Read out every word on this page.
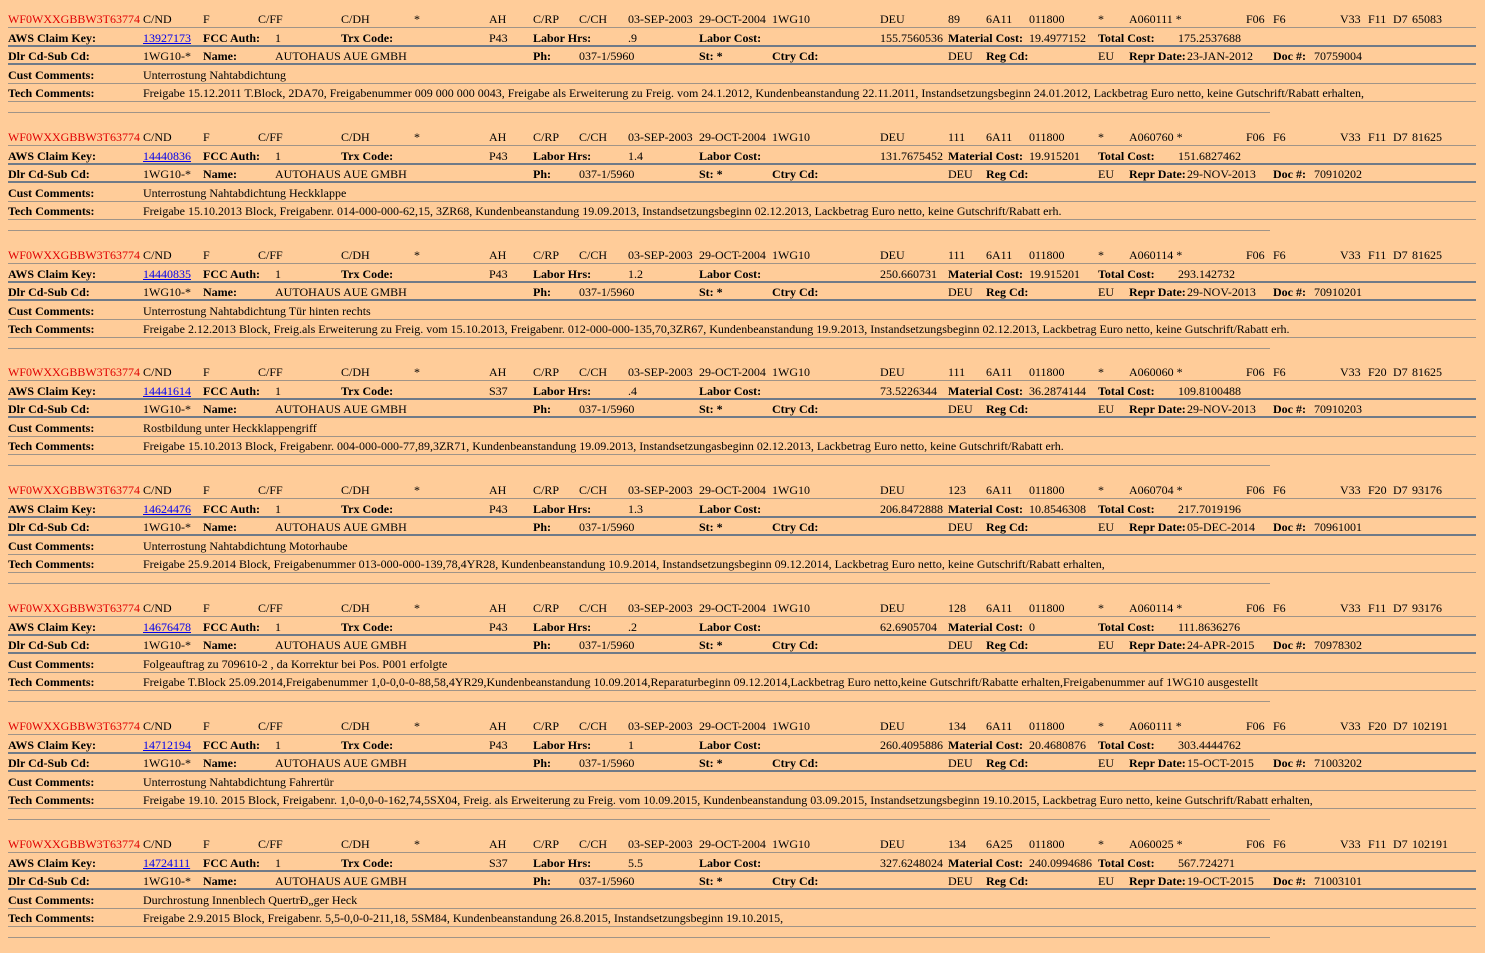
WF0WXXGBBW3T63774 C/ND	F	C/FF	C/DH	*	AH C/RP C/CH 03-SEP-2003 29-OCT-2004 1WG10	DEU	89 6A11 011800	* A060111 *	F06 F6	V33 F11 D7 65083
AWS Claim Key:	13927173 FCC Auth: 1	Trx Code:	P43 Labor Hrs:	.9	Labor Cost:	155.7560536 Material Cost: 19.4977152 Total Cost: 175.2537688
Dlr Cd-Sub Cd:	1WG10-* Name:	AUTOHAUS AUE GMBH	Ph: 037-1/5960	St: *	Ctry Cd:	DEU Reg Cd:	EU Repr Date: 23-JAN-2012 Doc #: 70759004
Cust Comments:	Unterrostung Nahtabdichtung
Tech Comments:	Freigabe 15.12.2011 T.Block, 2DA70, Freigabenummer 009 000 000 0043, Freigabe als Erweiterung zu Freig. vom 24.1.2012, Kundenbeanstandung 22.11.2011, Instandsetzungsbeginn 24.01.2012, Lackbetrag Euro netto, keine Gutschrift/Rabatt erhalten,
WF0WXXGBBW3T63774 C/ND	F	C/FF	C/DH	*	AH C/RP C/CH 03-SEP-2003 29-OCT-2004 1WG10	DEU	111 6A11 011800	* A060760 *	F06 F6	V33 F11 D7 81625
AWS Claim Key:	14440836 FCC Auth: 1	Trx Code:	P43 Labor Hrs:	1.4	Labor Cost:	131.7675452 Material Cost: 19.915201 Total Cost: 151.6827462
Dlr Cd-Sub Cd:	1WG10-* Name:	AUTOHAUS AUE GMBH	Ph: 037-1/5960	St: *	Ctry Cd:	DEU Reg Cd:	EU Repr Date: 29-NOV-2013 Doc #: 70910202
Cust Comments:	Unterrostung Nahtabdichtung Heckklappe
Tech Comments:	Freigabe 15.10.2013 Block, Freigabenr. 014-000-000-62,15, 3ZR68, Kundenbeanstandung 19.09.2013, Instandsetzungsbeginn 02.12.2013, Lackbetrag Euro netto, keine Gutschrift/Rabatt erh.
WF0WXXGBBW3T63774 C/ND	F	C/FF	C/DH	*	AH C/RP C/CH 03-SEP-2003 29-OCT-2004 1WG10	DEU	111 6A11 011800	* A060114 *	F06 F6	V33 F11 D7 81625
AWS Claim Key:	14440835 FCC Auth: 1	Trx Code:	P43 Labor Hrs:	1.2	Labor Cost:	250.660731 Material Cost: 19.915201 Total Cost: 293.142732
Dlr Cd-Sub Cd:	1WG10-* Name:	AUTOHAUS AUE GMBH	Ph: 037-1/5960	St: *	Ctry Cd:	DEU Reg Cd:	EU Repr Date: 29-NOV-2013 Doc #: 70910201
Cust Comments:	Unterrostung Nahtabdichtung Tür hinten rechts
Tech Comments:	Freigabe 2.12.2013 Block, Freig.als Erweiterung zu Freig. vom 15.10.2013, Freigabenr. 012-000-000-135,70,3ZR67, Kundenbeanstandung 19.9.2013, Instandsetzungsbeginn 02.12.2013, Lackbetrag Euro netto, keine Gutschrift/Rabatt erh.
WF0WXXGBBW3T63774 C/ND	F	C/FF	C/DH	*	AH C/RP C/CH 03-SEP-2003 29-OCT-2004 1WG10	DEU	111 6A11 011800	* A060060 *	F06 F6	V33 F20 D7 81625
AWS Claim Key:	14441614 FCC Auth: 1	Trx Code:	S37 Labor Hrs:	.4	Labor Cost:	73.5226344 Material Cost: 36.2874144 Total Cost: 109.8100488
Dlr Cd-Sub Cd:	1WG10-* Name:	AUTOHAUS AUE GMBH	Ph: 037-1/5960	St: *	Ctry Cd:	DEU Reg Cd:	EU Repr Date: 29-NOV-2013 Doc #: 70910203
Cust Comments:	Rostbildung unter Heckklappengriff
Tech Comments:	Freigabe 15.10.2013 Block, Freigabenr. 004-000-000-77,89,3ZR71, Kundenbeanstandung 19.09.2013, Instandsetzungasbeginn 02.12.2013, Lackbetrag Euro netto, keine Gutschrift/Rabatt erh.
WF0WXXGBBW3T63774 C/ND	F	C/FF	C/DH	*	AH C/RP C/CH 03-SEP-2003 29-OCT-2004 1WG10	DEU	123 6A11 011800	* A060704 *	F06 F6	V33 F20 D7 93176
AWS Claim Key:	14624476 FCC Auth: 1	Trx Code:	P43 Labor Hrs:	1.3	Labor Cost:	206.8472888 Material Cost: 10.8546308 Total Cost: 217.7019196
Dlr Cd-Sub Cd:	1WG10-* Name:	AUTOHAUS AUE GMBH	Ph: 037-1/5960	St: *	Ctry Cd:	DEU Reg Cd:	EU Repr Date: 05-DEC-2014 Doc #: 70961001
Cust Comments:	Unterrostung Nahtabdichtung Motorhaube
Tech Comments:	Freigabe 25.9.2014 Block, Freigabenummer 013-000-000-139,78,4YR28, Kundenbeanstandung 10.9.2014, Instandsetzungsbeginn 09.12.2014, Lackbetrag Euro netto, keine Gutschrift/Rabatt erhalten,
WF0WXXGBBW3T63774 C/ND	F	C/FF	C/DH	*	AH C/RP C/CH 03-SEP-2003 29-OCT-2004 1WG10	DEU	128 6A11 011800	* A060114 *	F06 F6	V33 F11 D7 93176
AWS Claim Key:	14676478 FCC Auth: 1	Trx Code:	P43 Labor Hrs:	.2	Labor Cost:	62.6905704 Material Cost: 0	Total Cost: 111.8636276
Dlr Cd-Sub Cd:	1WG10-* Name:	AUTOHAUS AUE GMBH	Ph: 037-1/5960	St: *	Ctry Cd:	DEU Reg Cd:	EU Repr Date: 24-APR-2015 Doc #: 70978302
Cust Comments:	Folgeauftrag zu 709610-2 , da Korrektur bei Pos. P001 erfolgte
Tech Comments:	Freigabe T.Block 25.09.2014,Freigabenummer 1,0-0,0-0-88,58,4YR29,Kundenbeanstandung 10.09.2014,Reparaturbeginn 09.12.2014,Lackbetrag Euro netto,keine Gutschrift/Rabatte erhalten,Freigabenummer auf 1WG10 ausgestellt
WF0WXXGBBW3T63774 C/ND	F	C/FF	C/DH	*	AH C/RP C/CH 03-SEP-2003 29-OCT-2004 1WG10	DEU	134 6A11 011800	* A060111 *	F06 F6	V33 F20 D7 102191
AWS Claim Key:	14712194 FCC Auth: 1	Trx Code:	P43 Labor Hrs:	1	Labor Cost:	260.4095886 Material Cost: 20.4680876 Total Cost: 303.4444762
Dlr Cd-Sub Cd:	1WG10-* Name:	AUTOHAUS AUE GMBH	Ph: 037-1/5960	St: *	Ctry Cd:	DEU Reg Cd:	EU Repr Date: 15-OCT-2015 Doc #: 71003202
Cust Comments:	Unterrostung Nahtabdichtung Fahrertür
Tech Comments:	Freigabe 19.10. 2015 Block, Freigabenr. 1,0-0,0-0-162,74,5SX04, Freig. als Erweiterung zu Freig. vom 10.09.2015, Kundenbeanstandung 03.09.2015, Instandsetzungsbeginn 19.10.2015, Lackbetrag Euro netto, keine Gutschrift/Rabatt erhalten,
WF0WXXGBBW3T63774 C/ND	F	C/FF	C/DH	*	AH C/RP C/CH 03-SEP-2003 29-OCT-2004 1WG10	DEU	134 6A25 011800	* A060025 *	F06 F6	V33 F11 D7 102191
AWS Claim Key:	14724111 FCC Auth: 1	Trx Code:	S37 Labor Hrs:	5.5	Labor Cost:	327.6248024 Material Cost: 240.0994686 Total Cost: 567.724271
Dlr Cd-Sub Cd:	1WG10-* Name:	AUTOHAUS AUE GMBH	Ph: 037-1/5960	St: *	Ctry Cd:	DEU Reg Cd:	EU Repr Date: 19-OCT-2015 Doc #: 71003101
Cust Comments:	Durchrostung Innenblech QuertrÐ„ger Heck
Tech Comments:	Freigabe 2.9.2015 Block, Freigabenr. 5,5-0,0-0-211,18, 5SM84, Kundenbeanstandung 26.8.2015, Instandsetzungsbeginn 19.10.2015,
